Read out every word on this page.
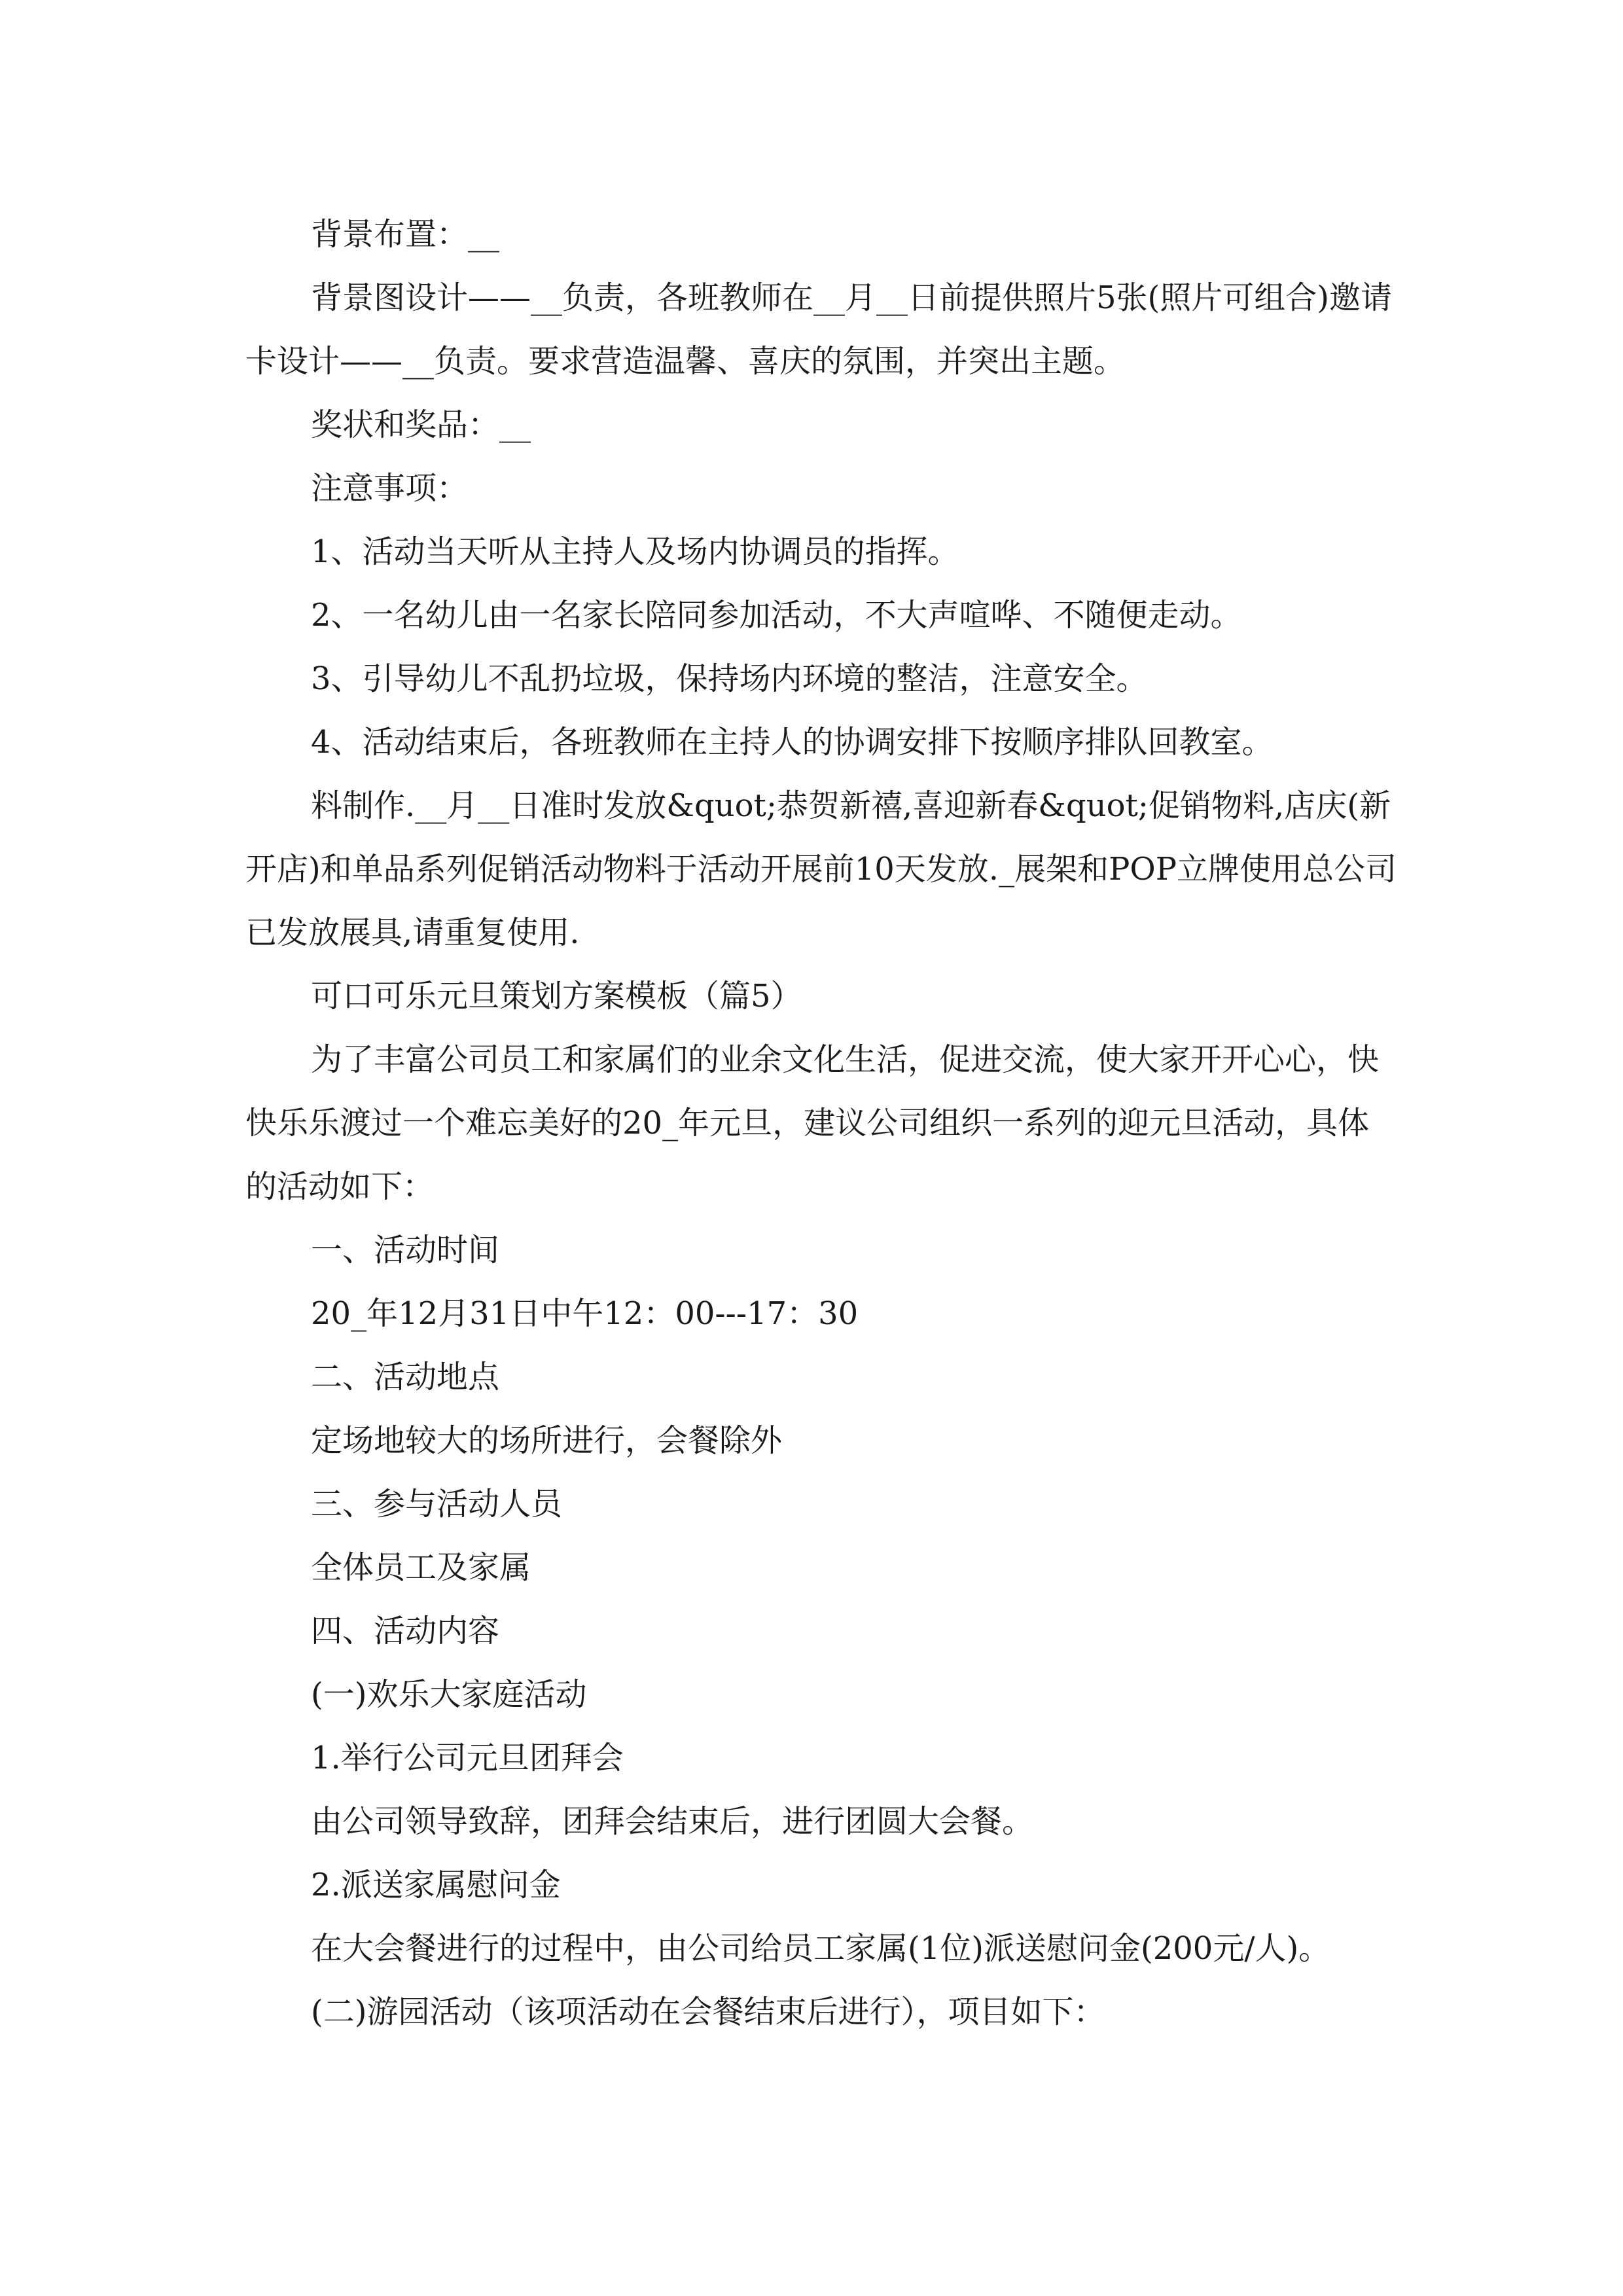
背景布置：__

背景图设计——__负责，各班教师在__月__日前提供照片5张(照片可组合)邀请卡设计——__负责。要求营造温馨、喜庆的氛围，并突出主题。

奖状和奖品：__

注意事项：

1、活动当天听从主持人及场内协调员的指挥。

2、一名幼儿由一名家长陪同参加活动，不大声喧哗、不随便走动。

3、引导幼儿不乱扔垃圾，保持场内环境的整洁，注意安全。

4、活动结束后，各班教师在主持人的协调安排下按顺序排队回教室。

料制作.__月__日准时发放&quot;恭贺新禧,喜迎新春&quot;促销物料,店庆(新开店)和单品系列促销活动物料于活动开展前10天发放._展架和POP立牌使用总公司已发放展具,请重复使用.

可口可乐元旦策划方案模板（篇5）

为了丰富公司员工和家属们的业余文化生活，促进交流，使大家开开心心，快快乐乐渡过一个难忘美好的20_年元旦，建议公司组织一系列的迎元旦活动，具体的活动如下：

一、活动时间

20_年12月31日中午12：00---17：30

二、活动地点

定场地较大的场所进行，会餐除外

三、参与活动人员

全体员工及家属

四、活动内容

(一)欢乐大家庭活动

1.举行公司元旦团拜会

由公司领导致辞，团拜会结束后，进行团圆大会餐。

2.派送家属慰问金

在大会餐进行的过程中，由公司给员工家属(1位)派送慰问金(200元/人)。

(二)游园活动（该项活动在会餐结束后进行），项目如下：
